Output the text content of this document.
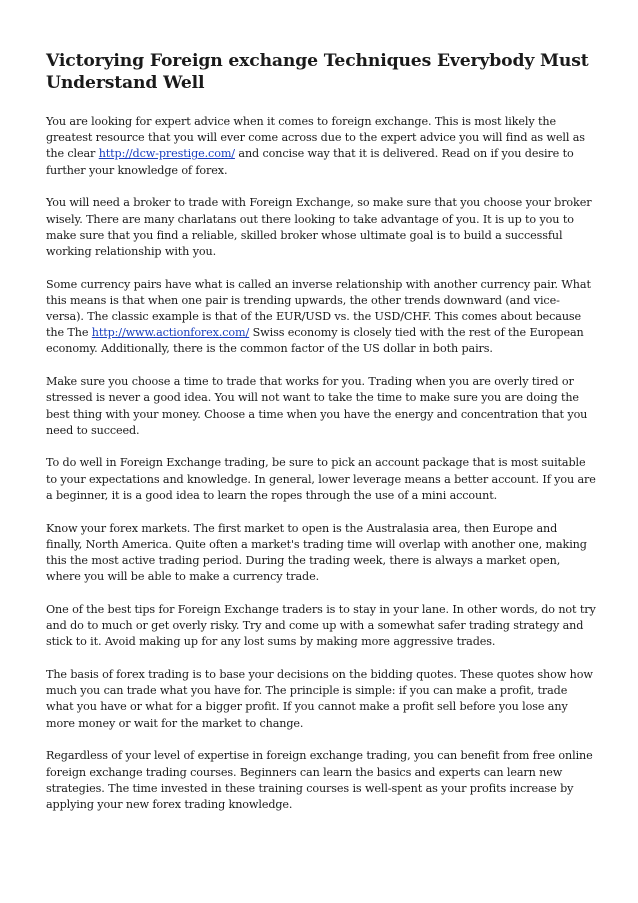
Victorying Foreign exchange Techniques Everybody Must Understand Well

You are looking for expert advice when it comes to foreign exchange. This is most likely the greatest resource that you will ever come across due to the expert advice you will find as well as the clear http://dcw-prestige.com/ and concise way that it is delivered. Read on if you desire to further your knowledge of forex.

You will need a broker to trade with Foreign Exchange, so make sure that you choose your broker wisely. There are many charlatans out there looking to take advantage of you. It is up to you to make sure that you find a reliable, skilled broker whose ultimate goal is to build a successful working relationship with you.

Some currency pairs have what is called an inverse relationship with another currency pair. What this means is that when one pair is trending upwards, the other trends downward (and vice-versa). The classic example is that of the EUR/USD vs. the USD/CHF. This comes about because the The http://www.actionforex.com/ Swiss economy is closely tied with the rest of the European economy. Additionally, there is the common factor of the US dollar in both pairs.

Make sure you choose a time to trade that works for you. Trading when you are overly tired or stressed is never a good idea. You will not want to take the time to make sure you are doing the best thing with your money. Choose a time when you have the energy and concentration that you need to succeed.

To do well in Foreign Exchange trading, be sure to pick an account package that is most suitable to your expectations and knowledge. In general, lower leverage means a better account. If you are a beginner, it is a good idea to learn the ropes through the use of a mini account.

Know your forex markets. The first market to open is the Australasia area, then Europe and finally, North America. Quite often a market's trading time will overlap with another one, making this the most active trading period. During the trading week, there is always a market open, where you will be able to make a currency trade.

One of the best tips for Foreign Exchange traders is to stay in your lane. In other words, do not try and do to much or get overly risky. Try and come up with a somewhat safer trading strategy and stick to it. Avoid making up for any lost sums by making more aggressive trades.

The basis of forex trading is to base your decisions on the bidding quotes. These quotes show how much you can trade what you have for. The principle is simple: if you can make a profit, trade what you have or what for a bigger profit. If you cannot make a profit sell before you lose any more money or wait for the market to change.

Regardless of your level of expertise in foreign exchange trading, you can benefit from free online foreign exchange trading courses. Beginners can learn the basics and experts can learn new strategies. The time invested in these training courses is well-spent as your profits increase by applying your new forex trading knowledge.
